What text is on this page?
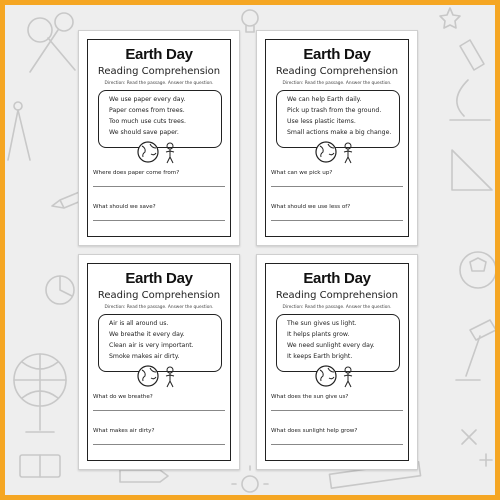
Earth Day
Reading Comprehension
Direction: Read the passage. Answer the question.
We use paper every day.
Paper comes from trees.
Too much use cuts trees.
We should save paper.
Where does paper come from?
What should we save?
Earth Day
Reading Comprehension
Direction: Read the passage. Answer the question.
We can help Earth daily.
Pick up trash from the ground.
Use less plastic items.
Small actions make a big change.
What can we pick up?
What should we use less of?
Earth Day
Reading Comprehension
Direction: Read the passage. Answer the question.
Air is all around us.
We breathe it every day.
Clean air is very important.
Smoke makes air dirty.
What do we breathe?
What makes air dirty?
Earth Day
Reading Comprehension
Direction: Read the passage. Answer the question.
The sun gives us light.
It helps plants grow.
We need sunlight every day.
It keeps Earth bright.
What does the sun give us?
What does sunlight help grow?
